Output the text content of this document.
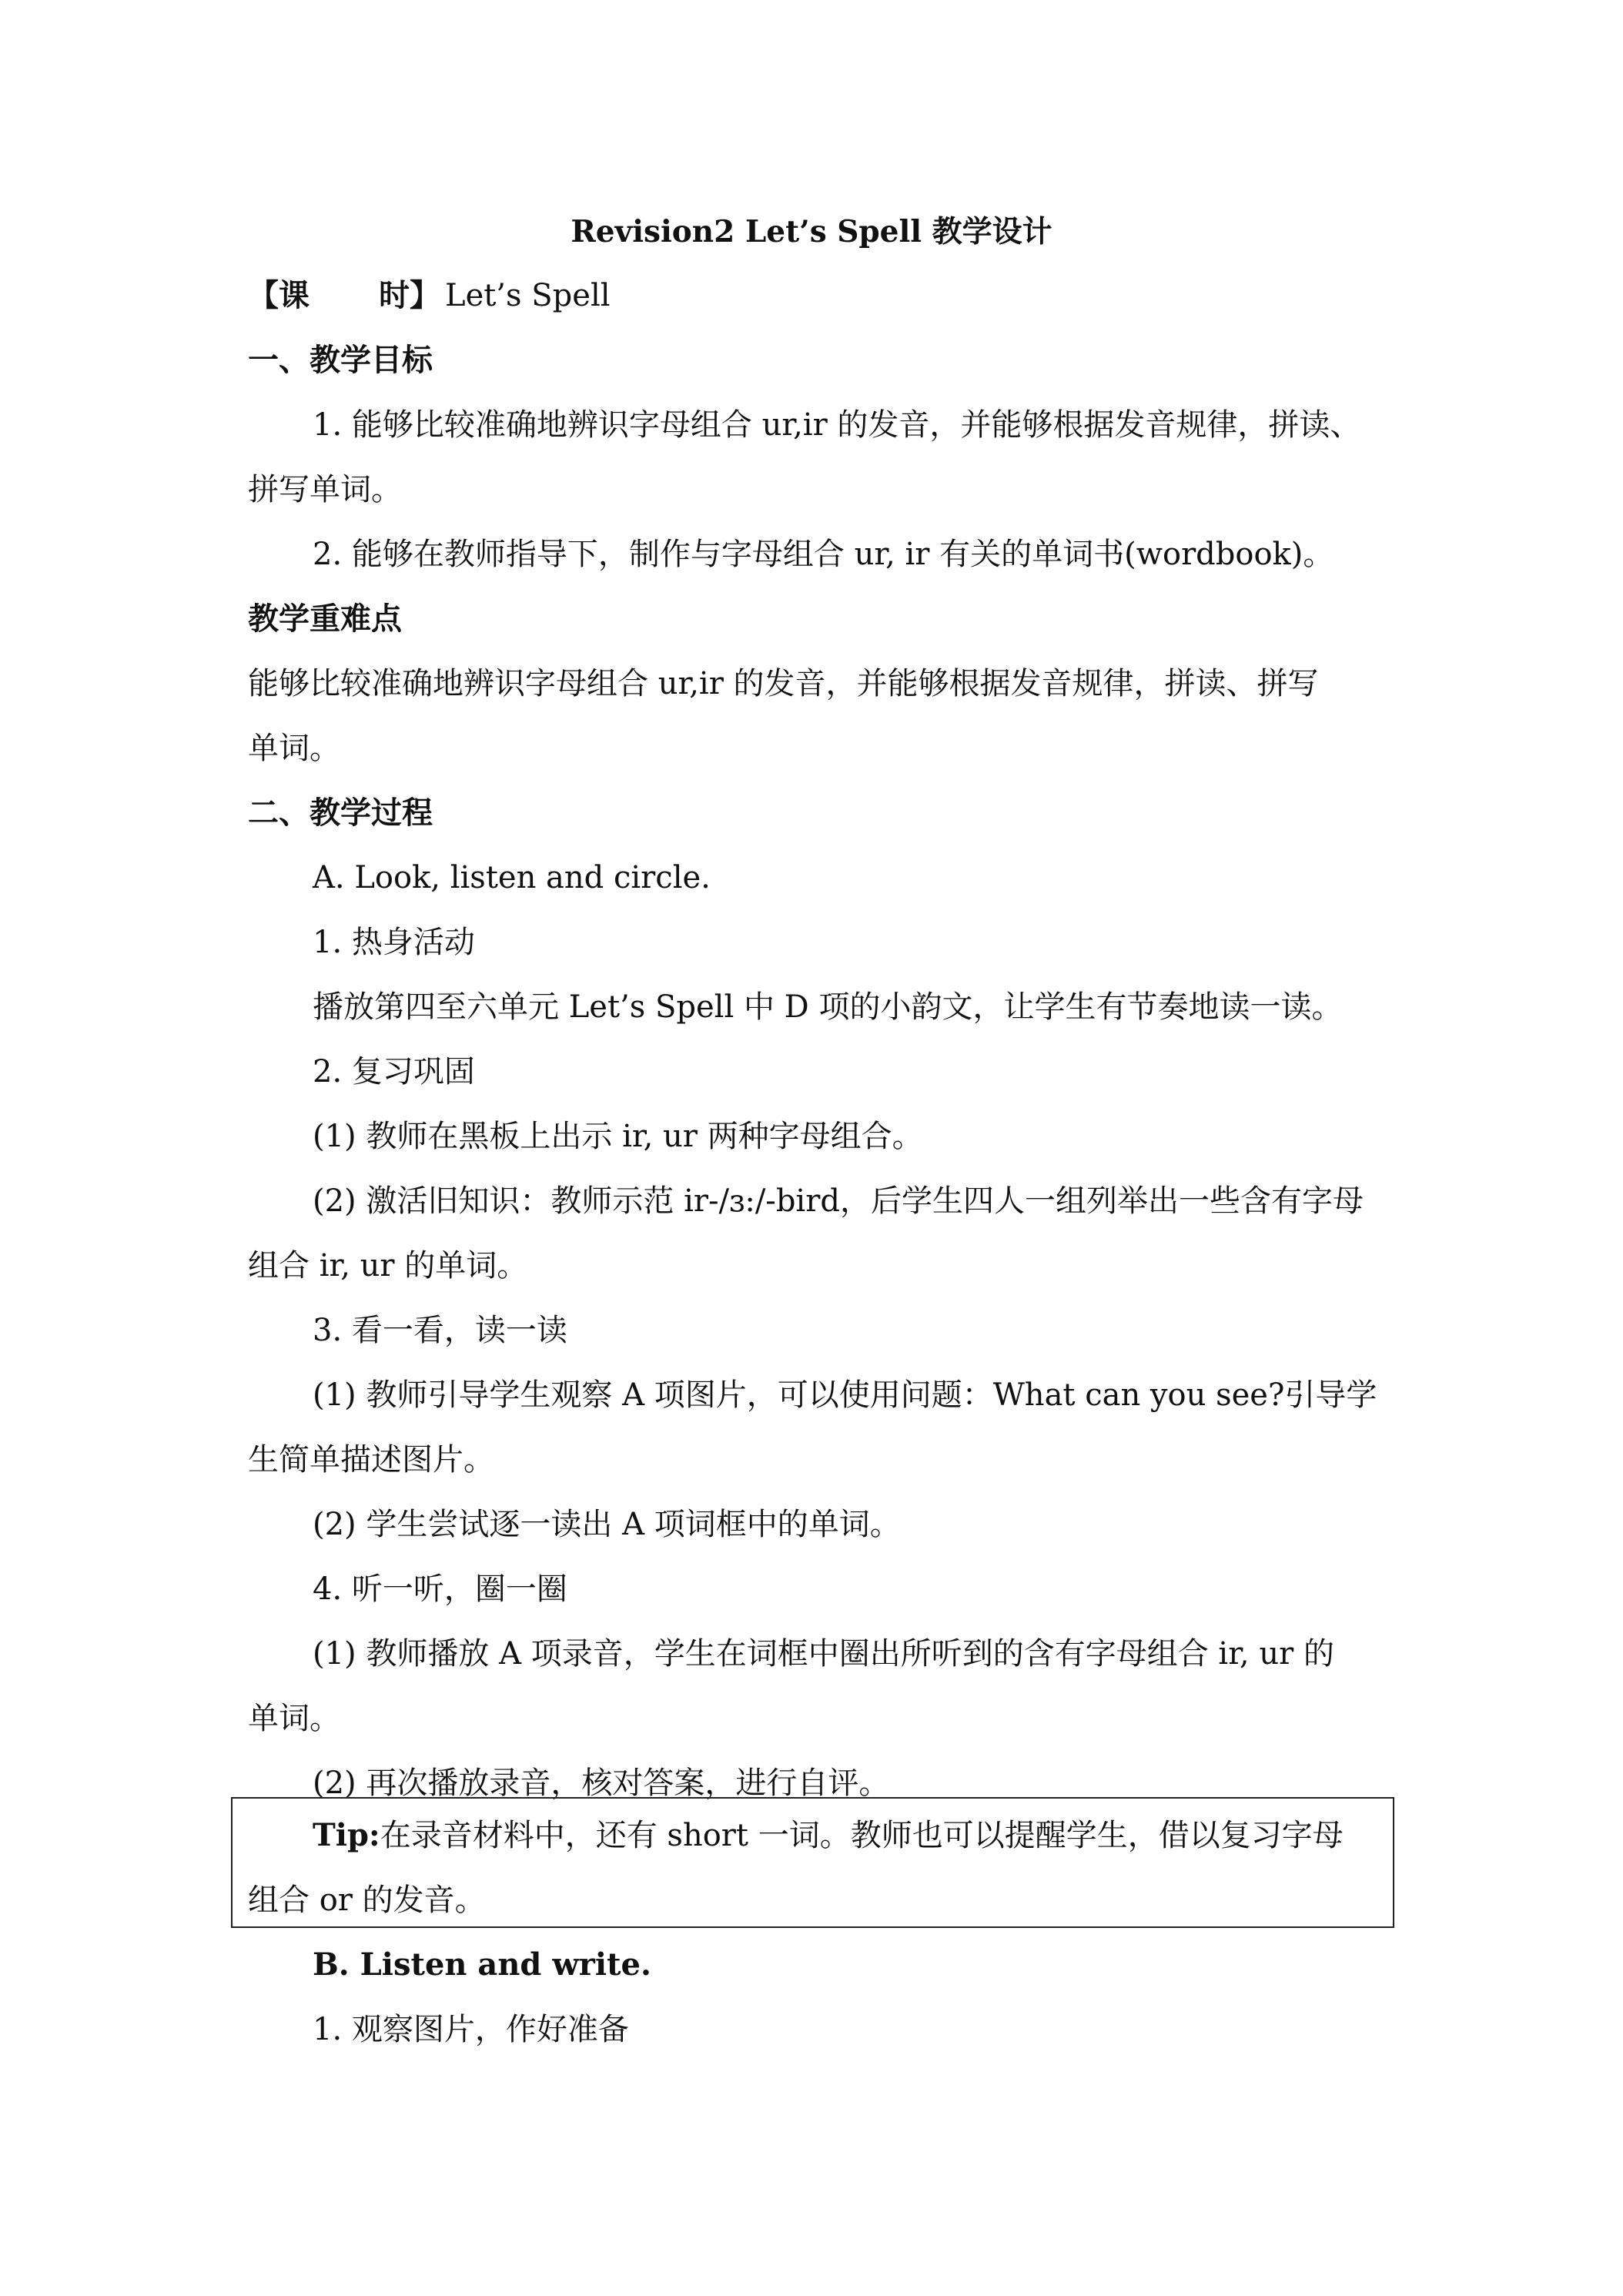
Revision2 Let’s Spell 教学设计
【课 时】 Let’s Spell
一、教学目标
1. 能够比较准确地辨识字母组合 ur,ir 的发音，并能够根据发音规律，拼读、
拼写单词。
2. 能够在教师指导下，制作与字母组合 ur, ir 有关的单词书(wordbook)。
教学重难点
能够比较准确地辨识字母组合 ur,ir 的发音，并能够根据发音规律，拼读、拼写
单词。
二、教学过程
A. Look, listen and circle.
1. 热身活动
播放第四至六单元 Let’s Spell 中 D 项的小韵文，让学生有节奏地读一读。
2. 复习巩固
(1) 教师在黑板上出示 ir, ur 两种字母组合。
(2) 激活旧知识：教师示范 ir-/ɜ:/-bird，后学生四人一组列举出一些含有字母
组合 ir, ur 的单词。
3. 看一看，读一读
(1) 教师引导学生观察 A 项图片，可以使用问题：What can you see?引导学
生简单描述图片。
(2) 学生尝试逐一读出 A 项词框中的单词。
4. 听一听，圈一圈
(1) 教师播放 A 项录音，学生在词框中圈出所听到的含有字母组合 ir, ur 的
单词。
(2) 再次播放录音，核对答案，进行自评。
Tip:在录音材料中，还有 short 一词。教师也可以提醒学生，借以复习字母
组合 or 的发音。
B. Listen and write.
1. 观察图片，作好准备
